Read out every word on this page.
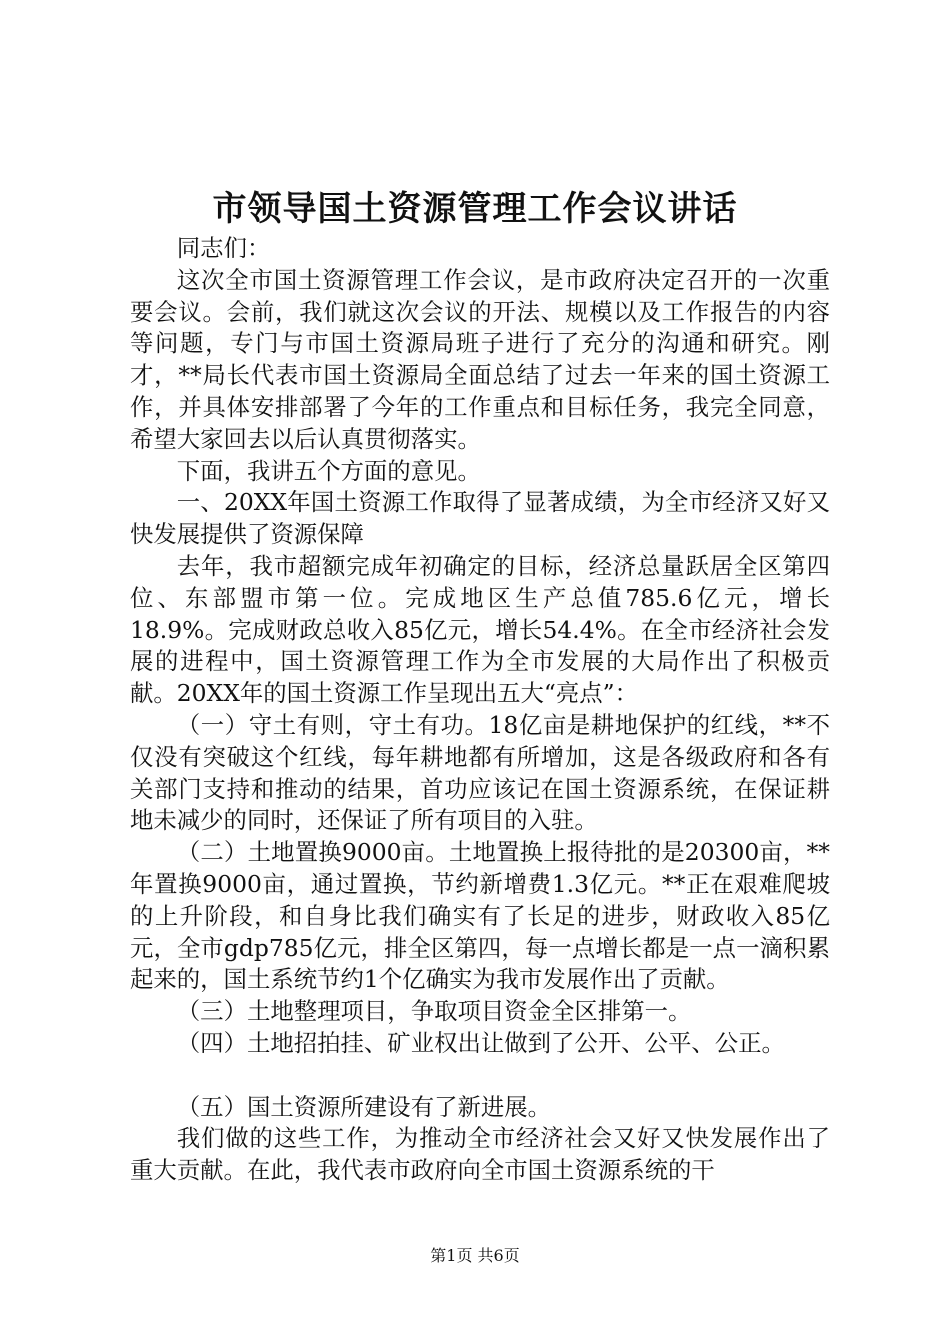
市领导国土资源管理工作会议讲话

同志们：

这次全市国土资源管理工作会议，是市政府决定召开的一次重要会议。会前，我们就这次会议的开法、规模以及工作报告的内容等问题，专门与市国土资源局班子进行了充分的沟通和研究。刚才，**局长代表市国土资源局全面总结了过去一年来的国土资源工作，并具体安排部署了今年的工作重点和目标任务，我完全同意，希望大家回去以后认真贯彻落实。

下面，我讲五个方面的意见。

一、20XX年国土资源工作取得了显著成绩，为全市经济又好又快发展提供了资源保障

去年，我市超额完成年初确定的目标，经济总量跃居全区第四位、东部盟市第一位。完成地区生产总值785.6亿元，增长18.9%。完成财政总收入85亿元，增长54.4%。在全市经济社会发展的进程中，国土资源管理工作为全市发展的大局作出了积极贡献。20XX年的国土资源工作呈现出五大“亮点”：

（一）守土有则，守土有功。18亿亩是耕地保护的红线，**不仅没有突破这个红线，每年耕地都有所增加，这是各级政府和各有关部门支持和推动的结果，首功应该记在国土资源系统，在保证耕地未减少的同时，还保证了所有项目的入驻。

（二）土地置换9000亩。土地置换上报待批的是20300亩，**年置换9000亩，通过置换，节约新增费1.3亿元。**正在艰难爬坡的上升阶段，和自身比我们确实有了长足的进步，财政收入85亿元，全市gdp785亿元，排全区第四，每一点增长都是一点一滴积累起来的，国土系统节约1个亿确实为我市发展作出了贡献。

（三）土地整理项目，争取项目资金全区排第一。

（四）土地招拍挂、矿业权出让做到了公开、公平、公正。

（五）国土资源所建设有了新进展。

我们做的这些工作，为推动全市经济社会又好又快发展作出了重大贡献。在此，我代表市政府向全市国土资源系统的干

第1页 共6页
